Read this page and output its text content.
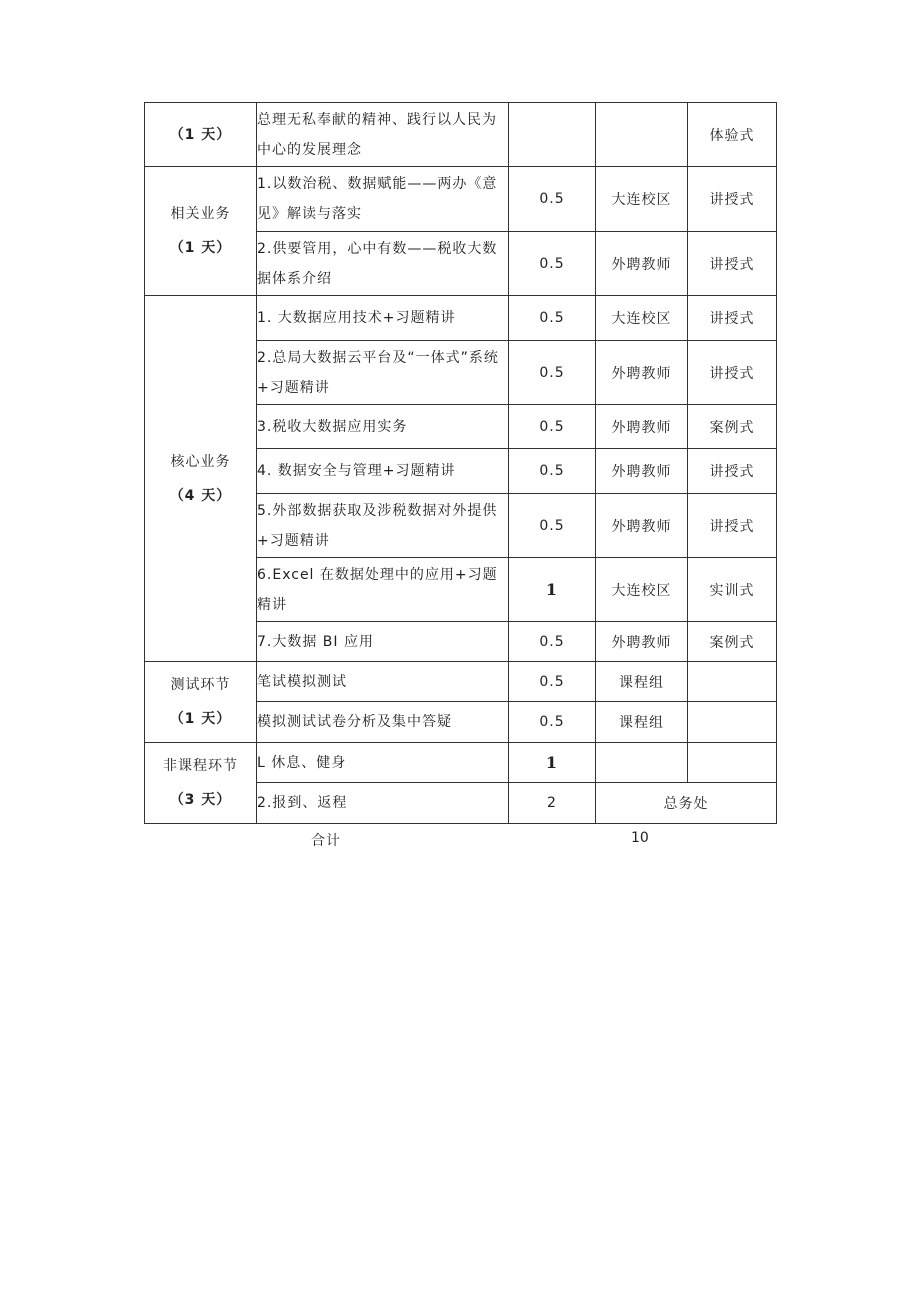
（1 天）	总理无私奉献的精神、践行以人民为中心的发展理念			体验式

相关业务
（1 天）	1.以数治税、数据赋能——两办《意见》解读与落实	0.5	大连校区	讲授式
	2.供要管用，心中有数——税收大数据体系介绍	0.5	外聘教师	讲授式

核心业务
（4 天）	1. 大数据应用技术+习题精讲	0.5	大连校区	讲授式
	2.总局大数据云平台及“一体式”系统+习题精讲	0.5	外聘教师	讲授式
	3.税收大数据应用实务	0.5	外聘教师	案例式
	4. 数据安全与管理+习题精讲	0.5	外聘教师	讲授式
	5.外部数据获取及涉税数据对外提供+习题精讲	0.5	外聘教师	讲授式
	6.Excel 在数据处理中的应用+习题精讲	1	大连校区	实训式
	7.大数据 BI 应用	0.5	外聘教师	案例式

测试环节
（1 天）	笔试模拟测试	0.5	课程组	
	模拟测试试卷分析及集中答疑	0.5	课程组	

非课程环节
（3 天）	L 休息、健身	1		
	2.报到、返程	2	总务处	
合计	10
